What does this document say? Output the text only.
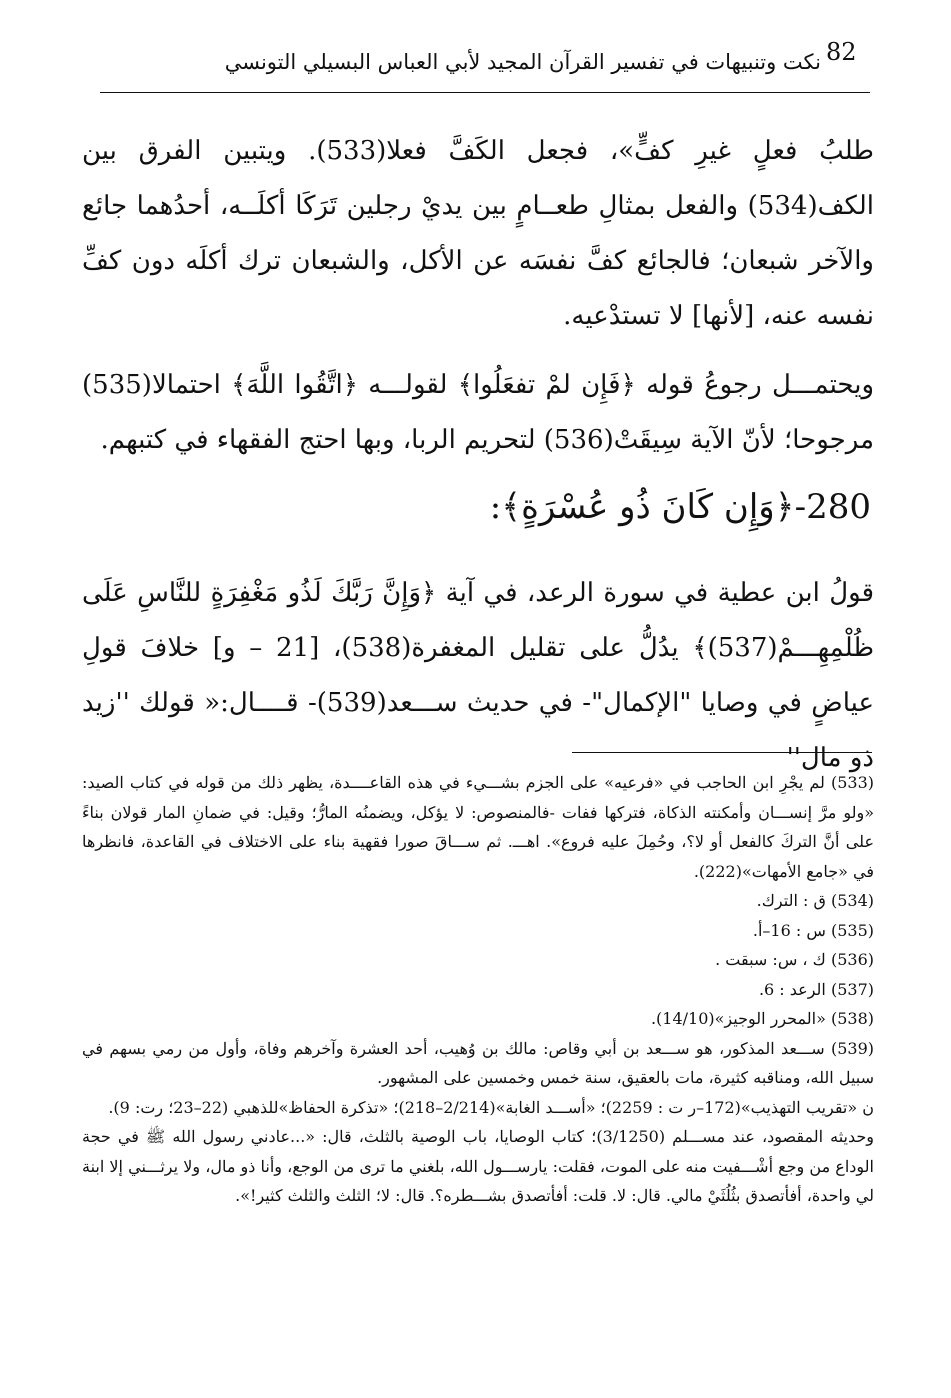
82
نكت وتنبيهات في تفسير القرآن المجيد لأبي العباس البسيلي التونسي

طلبُ فعلٍ غيرِ كفٍّ»، فجعل الكَفَّ فعلا(533). ويتبين الفرق بين الكف(534) والفعل بمثالِ طعــامٍ بين يديْ رجلين تَرَكَا أكلَــه، أحدُهما جائع والآخر شبعان؛ فالجائع كفَّ نفسَه عن الأكل، والشبعان ترك أكلَه دون كفِّ نفسه عنه، [لأنها] لا تستدْعيه.

ويحتمـــل رجوعُ قوله ﴿فَإِن لمْ تفعَلُوا﴾ لقولـــه ﴿اتَّقُوا اللَّهَ﴾ احتمالا(535) مرجوحا؛ لأنّ الآية سِيقَتْ(536) لتحريم الربا، وبها احتج الفقهاء في كتبهم.

280-﴿وَإِن كَانَ ذُو عُسْرَةٍ﴾:

قولُ ابن عطية في سورة الرعد، في آية ﴿وَإِنَّ رَبَّكَ لَذُو مَغْفِرَةٍ للنَّاسِ عَلَى ظُلْمِهِـــمْ(537)﴾ يدُلُّ على تقليل المغفرة(538)، [21 – و] خلافَ قولِ عياضٍ في وصايا "الإكمال"- في حديث ســـعد(539)- قــــال:« قولك ''زيد ذو مال''

(533) لم يجْرِ ابن الحاجب في «فرعيه» على الجزم بشـــيء في هذه القاعــــدة، يظهر ذلك من قوله في كتاب الصيد: «ولو مرَّ إنســـان وأمكنته الذكاة، فتركها ففات -فالمنصوص: لا يؤكل، ويضمنُه المارُّ؛ وقيل: في ضمانِ المار قولان بناءً على أنَّ التركَ كالفعل أو لا؟، وحُمِلَ عليه فروع». اهـــ. ثم ســـاقَ صورا فقهية بناء على الاختلاف في القاعدة، فانظرها في «جامع الأمهات»(222).

(534) ق : الترك.

(535) س : 16–أ.

(536) ك ، س: سبقت .

(537) الرعد : 6.

(538) «المحرر الوجيز»(14/10).

(539) ســـعد المذكور، هو ســـعد بن أبي وقاص: مالك بن وُهيب، أحد العشرة وآخرهم وفاة، وأول من رمي بسهم في سبيل الله، ومناقبه كثيرة، مات بالعقيق، سنة خمس وخمسين على المشهور.

ن «تقريب التهذيب»(172–ر ت : 2259)؛ «أســـد الغابة»(2/214–218)؛ «تذكرة الحفاظ»للذهبي (22–23؛ رت: 9).

وحديثه المقصود، عند مســـلم (3/1250)؛ كتاب الوصايا، باب الوصية بالثلث، قال: «...عادني رسول الله ﷺ في حجة الوداع من وجع أشْـــفيت منه على الموت، فقلت: يارســـول الله، بلغني ما ترى من الوجع، وأنا ذو مال، ولا يرثـــني إلا ابنة لي واحدة، أفأتصدق بثُلُثَيْ مالي. قال: لا. قلت: أفأتصدق بشـــطره؟. قال: لا؛ الثلث والثلث كثير!».
